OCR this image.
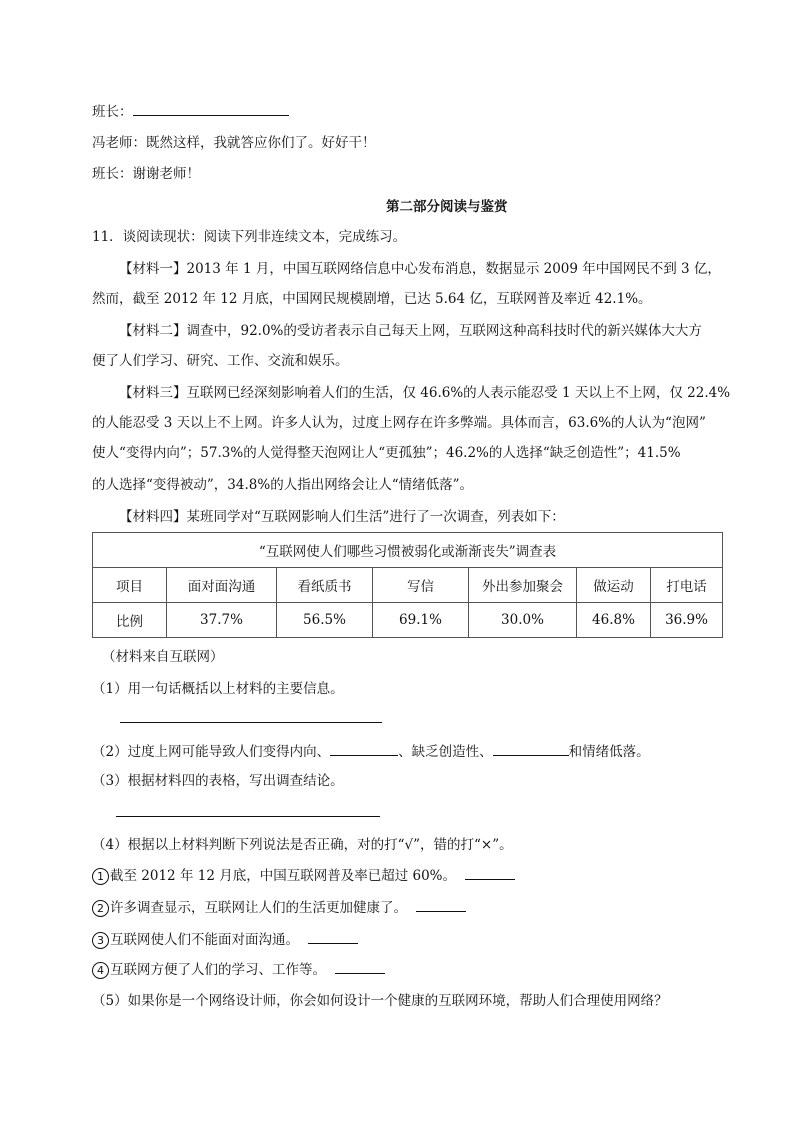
班长：
冯老师：既然这样，我就答应你们了。好好干！
班长：谢谢老师！
第二部分阅读与鉴赏
11．谈阅读现状：阅读下列非连续文本，完成练习。
【材料一】2013 年 1 月，中国互联网络信息中心发布消息，数据显示 2009 年中国网民不到 3 亿，
然而，截至 2012 年 12 月底，中国网民规模剧增，已达 5.64 亿，互联网普及率近 42.1%。
【材料二】调查中，92.0%的受访者表示自己每天上网，互联网这种高科技时代的新兴媒体大大方
便了人们学习、研究、工作、交流和娱乐。
【材料三】互联网已经深刻影响着人们的生活，仅 46.6%的人表示能忍受 1 天以上不上网，仅 22.4%
的人能忍受 3 天以上不上网。许多人认为，过度上网存在许多弊端。具体而言，63.6%的人认为“泡网”
使人“变得内向”；57.3%的人觉得整天泡网让人“更孤独”；46.2%的人选择“缺乏创造性”；41.5%
的人选择“变得被动”，34.8%的人指出网络会让人“情绪低落”。
【材料四】某班同学对“互联网影响人们生活”进行了一次调查，列表如下：
“互联网使人们哪些习惯被弱化或渐渐丧失”调查表						
项目	面对面沟通	看纸质书	写信	外出参加聚会	做运动	打电话
比例	37.7%	56.5%	69.1%	30.0%	46.8%	36.9%
（材料来自互联网）
（1）用一句话概括以上材料的主要信息。
（2）过度上网可能导致人们变得内向、	、缺乏创造性、	和情绪低落。
（3）根据材料四的表格，写出调查结论。
（4）根据以上材料判断下列说法是否正确，对的打“√”，错的打“×”。
1 截至 2012 年 12 月底，中国互联网普及率已超过 60%。
2 许多调查显示，互联网让人们的生活更加健康了。
3 互联网使人们不能面对面沟通。
4 互联网方便了人们的学习、工作等。
（5）如果你是一个网络设计师，你会如何设计一个健康的互联网环境，帮助人们合理使用网络？
